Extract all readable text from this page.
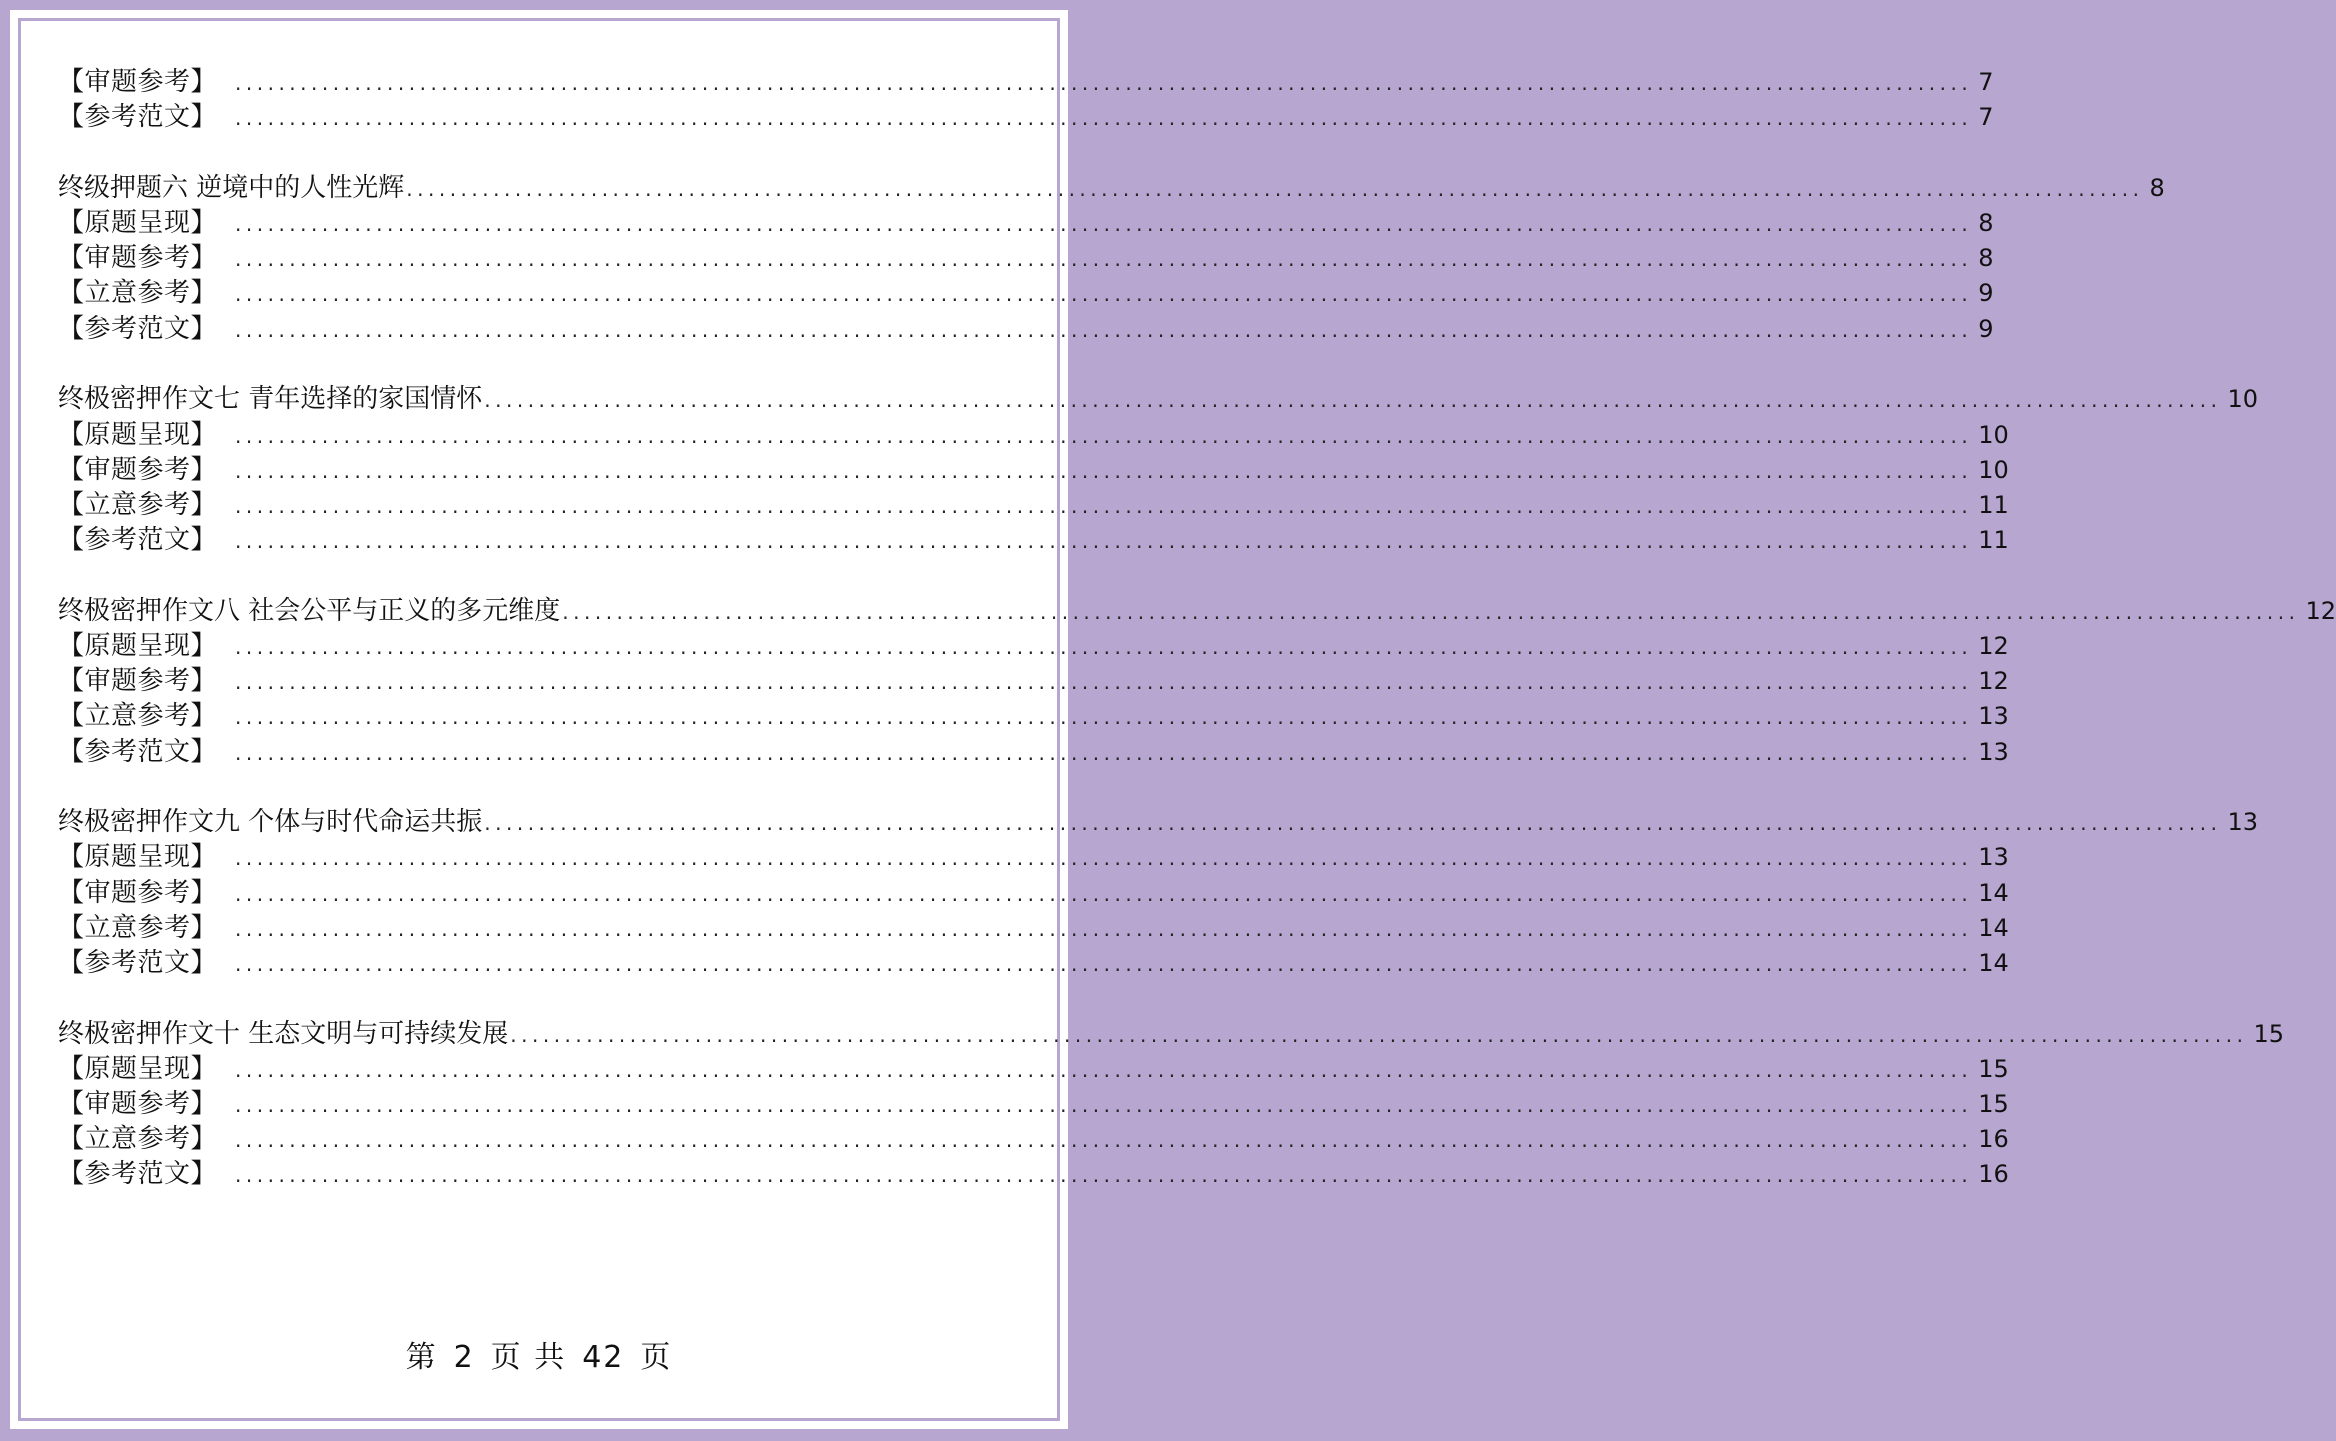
【审题参考】 ................................................................................................................................................................ 7
【参考范文】 ................................................................................................................................................................ 7
终级押题六 逆境中的人性光辉 ................................................................................................................................................................ 8
【原题呈现】 ................................................................................................................................................................ 8
【审题参考】 ................................................................................................................................................................ 8
【立意参考】 ................................................................................................................................................................ 9
【参考范文】 ................................................................................................................................................................ 9
终极密押作文七 青年选择的家国情怀 ................................................................................................................................................................ 10
【原题呈现】 ................................................................................................................................................................ 10
【审题参考】 ................................................................................................................................................................ 10
【立意参考】 ................................................................................................................................................................ 11
【参考范文】 ................................................................................................................................................................ 11
终极密押作文八 社会公平与正义的多元维度 ................................................................................................................................................................ 12
【原题呈现】 ................................................................................................................................................................ 12
【审题参考】 ................................................................................................................................................................ 12
【立意参考】 ................................................................................................................................................................ 13
【参考范文】 ................................................................................................................................................................ 13
终极密押作文九 个体与时代命运共振 ................................................................................................................................................................ 13
【原题呈现】 ................................................................................................................................................................ 13
【审题参考】 ................................................................................................................................................................ 14
【立意参考】 ................................................................................................................................................................ 14
【参考范文】 ................................................................................................................................................................ 14
终极密押作文十 生态文明与可持续发展 ................................................................................................................................................................ 15
【原题呈现】 ................................................................................................................................................................ 15
【审题参考】 ................................................................................................................................................................ 15
【立意参考】 ................................................................................................................................................................ 16
【参考范文】 ................................................................................................................................................................ 16
第 2 页 共 42 页
